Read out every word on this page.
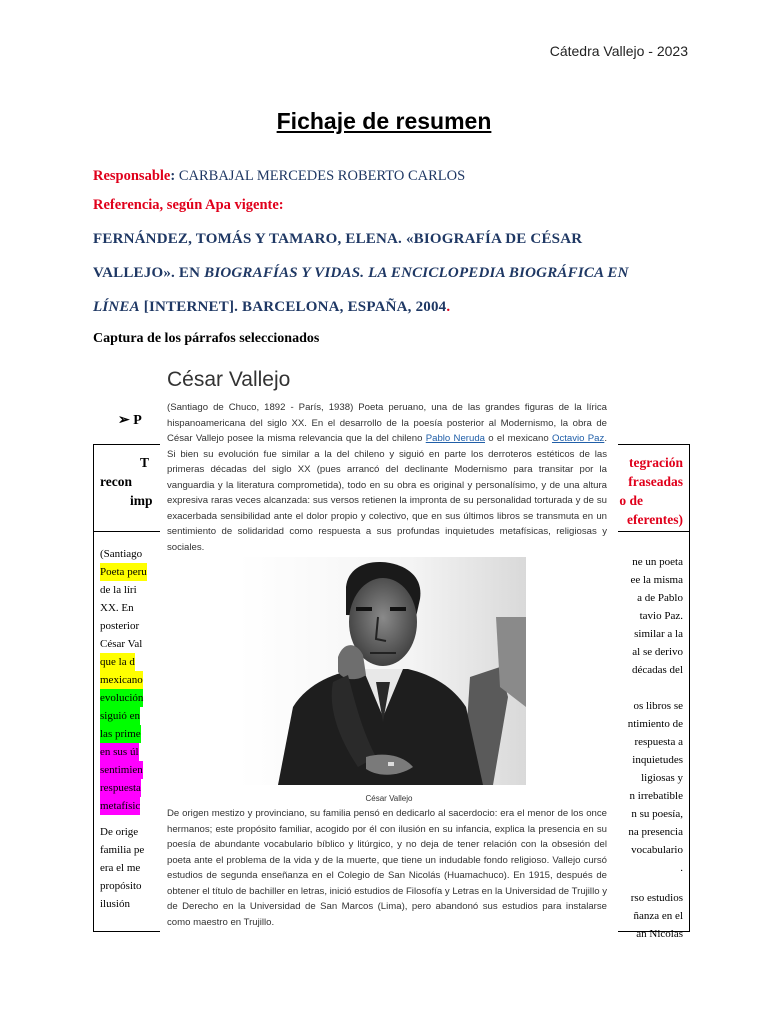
Cátedra Vallejo - 2023
Fichaje de resumen
Responsable: CARBAJAL MERCEDES ROBERTO CARLOS
Referencia, según Apa vigente:
FERNÁNDEZ, TOMÁS Y TAMARO, ELENA. «BIOGRAFÍA DE CÉSAR
VALLEJO». EN BIOGRAFÍAS Y VIDAS. LA ENCICLOPEDIA BIOGRÁFICA EN
LÍNEA [INTERNET]. BARCELONA, ESPAÑA, 2004.
Captura de los párrafos seleccionados
➢ P
T
recon
imp
tegración
fraseadas
o de
eferentes)
(Santiago
Poeta peru
de la líri
XX. En
posterior
César Val
que la d
mexicano
evolución
siguió en
las prime
en sus úl
sentimien
respuesta
metafísic
De orige
familia pe
era el me
propósito
ilusión
ne un poeta
ee la misma
a de Pablo
tavio Paz.
similar a la
al se derivo
décadas del
os libros se
ntimiento de
respuesta a
inquietudes
ligiosas y
n irrebatible
n su poesía,
na presencia
vocabulario
.
rso estudios
ñanza en el
an Nicolas
César Vallejo
(Santiago de Chuco, 1892 - París, 1938) Poeta peruano, una de las grandes figuras de la lírica hispanoamericana del siglo XX. En el desarrollo de la poesía posterior al Modernismo, la obra de César Vallejo posee la misma relevancia que la del chileno Pablo Neruda o el mexicano Octavio Paz. Si bien su evolución fue similar a la del chileno y siguió en parte los derroteros estéticos de las primeras décadas del siglo XX (pues arrancó del declinante Modernismo para transitar por la vanguardia y la literatura comprometida), todo en su obra es original y personalísimo, y de una altura expresiva raras veces alcanzada: sus versos retienen la impronta de su personalidad torturada y de su exacerbada sensibilidad ante el dolor propio y colectivo, que en sus últimos libros se transmuta en un sentimiento de solidaridad como respuesta a sus profundas inquietudes metafísicas, religiosas y sociales.
César Vallejo
De origen mestizo y provinciano, su familia pensó en dedicarlo al sacerdocio: era el menor de los once hermanos; este propósito familiar, acogido por él con ilusión en su infancia, explica la presencia en su poesía de abundante vocabulario bíblico y litúrgico, y no deja de tener relación con la obsesión del poeta ante el problema de la vida y de la muerte, que tiene un indudable fondo religioso. Vallejo cursó estudios de segunda enseñanza en el Colegio de San Nicolás (Huamachuco). En 1915, después de obtener el título de bachiller en letras, inició estudios de Filosofía y Letras en la Universidad de Trujillo y de Derecho en la Universidad de San Marcos (Lima), pero abandonó sus estudios para instalarse como maestro en Trujillo.
